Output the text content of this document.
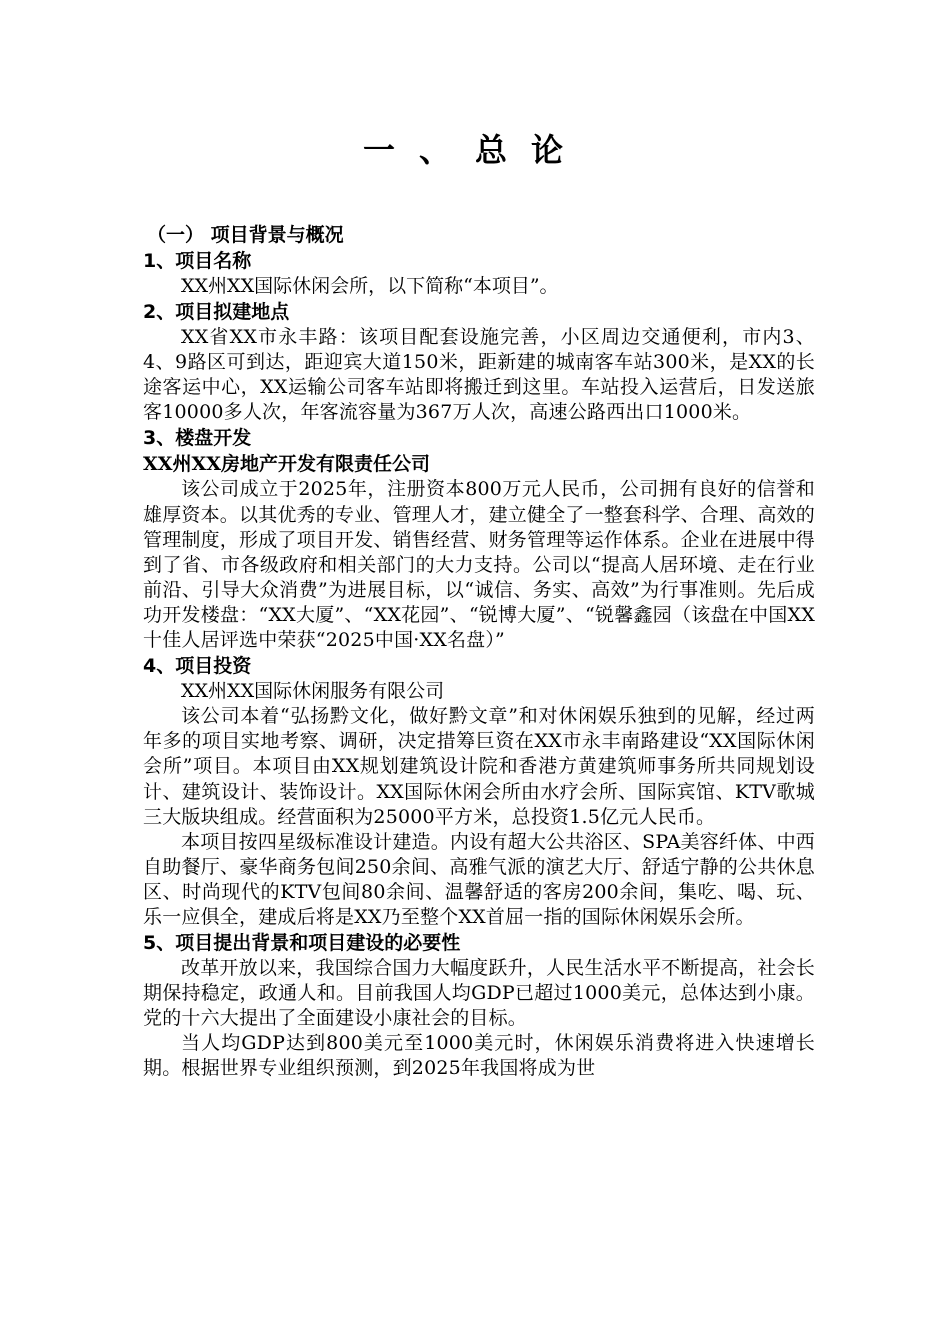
一、总论
（一） 项目背景与概况
1、项目名称

XX州XX国际休闲会所，以下简称“本项目”。

2、项目拟建地点

XX省XX市永丰路：该项目配套设施完善，小区周边交通便利，市内3、4、9路区可到达，距迎宾大道150米，距新建的城南客车站300米，是XX的长途客运中心，XX运输公司客车站即将搬迁到这里。车站投入运营后，日发送旅客10000多人次，年客流容量为367万人次，高速公路西出口1000米。

3、楼盘开发
XX州XX房地产开发有限责任公司

该公司成立于2025年，注册资本800万元人民币，公司拥有良好的信誉和雄厚资本。以其优秀的专业、管理人才，建立健全了一整套科学、合理、高效的管理制度，形成了项目开发、销售经营、财务管理等运作体系。企业在进展中得到了省、市各级政府和相关部门的大力支持。公司以“提高人居环境、走在行业前沿、引导大众消费”为进展目标，以“诚信、务实、高效”为行事准则。先后成功开发楼盘：“XX大厦”、“XX花园”、“锐博大厦”、“锐馨鑫园（该盘在中国XX十佳人居评选中荣获“2025中国·XX名盘）”

4、项目投资

XX州XX国际休闲服务有限公司

该公司本着“弘扬黔文化，做好黔文章”和对休闲娱乐独到的见解，经过两年多的项目实地考察、调研，决定措筹巨资在XX市永丰南路建设“XX国际休闲会所”项目。本项目由XX规划建筑设计院和香港方黄建筑师事务所共同规划设计、建筑设计、装饰设计。XX国际休闲会所由水疗会所、国际宾馆、KTV歌城三大版块组成。经营面积为25000平方米，总投资1.5亿元人民币。

本项目按四星级标准设计建造。内设有超大公共浴区、SPA美容纤体、中西自助餐厅、豪华商务包间250余间、高雅气派的演艺大厅、舒适宁静的公共休息区、时尚现代的KTV包间80余间、温馨舒适的客房200余间，集吃、喝、玩、乐一应俱全，建成后将是XX乃至整个XX首屈一指的国际休闲娱乐会所。

5、项目提出背景和项目建设的必要性

改革开放以来，我国综合国力大幅度跃升，人民生活水平不断提高，社会长期保持稳定，政通人和。目前我国人均GDP已超过1000美元，总体达到小康。党的十六大提出了全面建设小康社会的目标。

当人均GDP达到800美元至1000美元时，休闲娱乐消费将进入快速增长期。根据世界专业组织预测，到2025年我国将成为世
